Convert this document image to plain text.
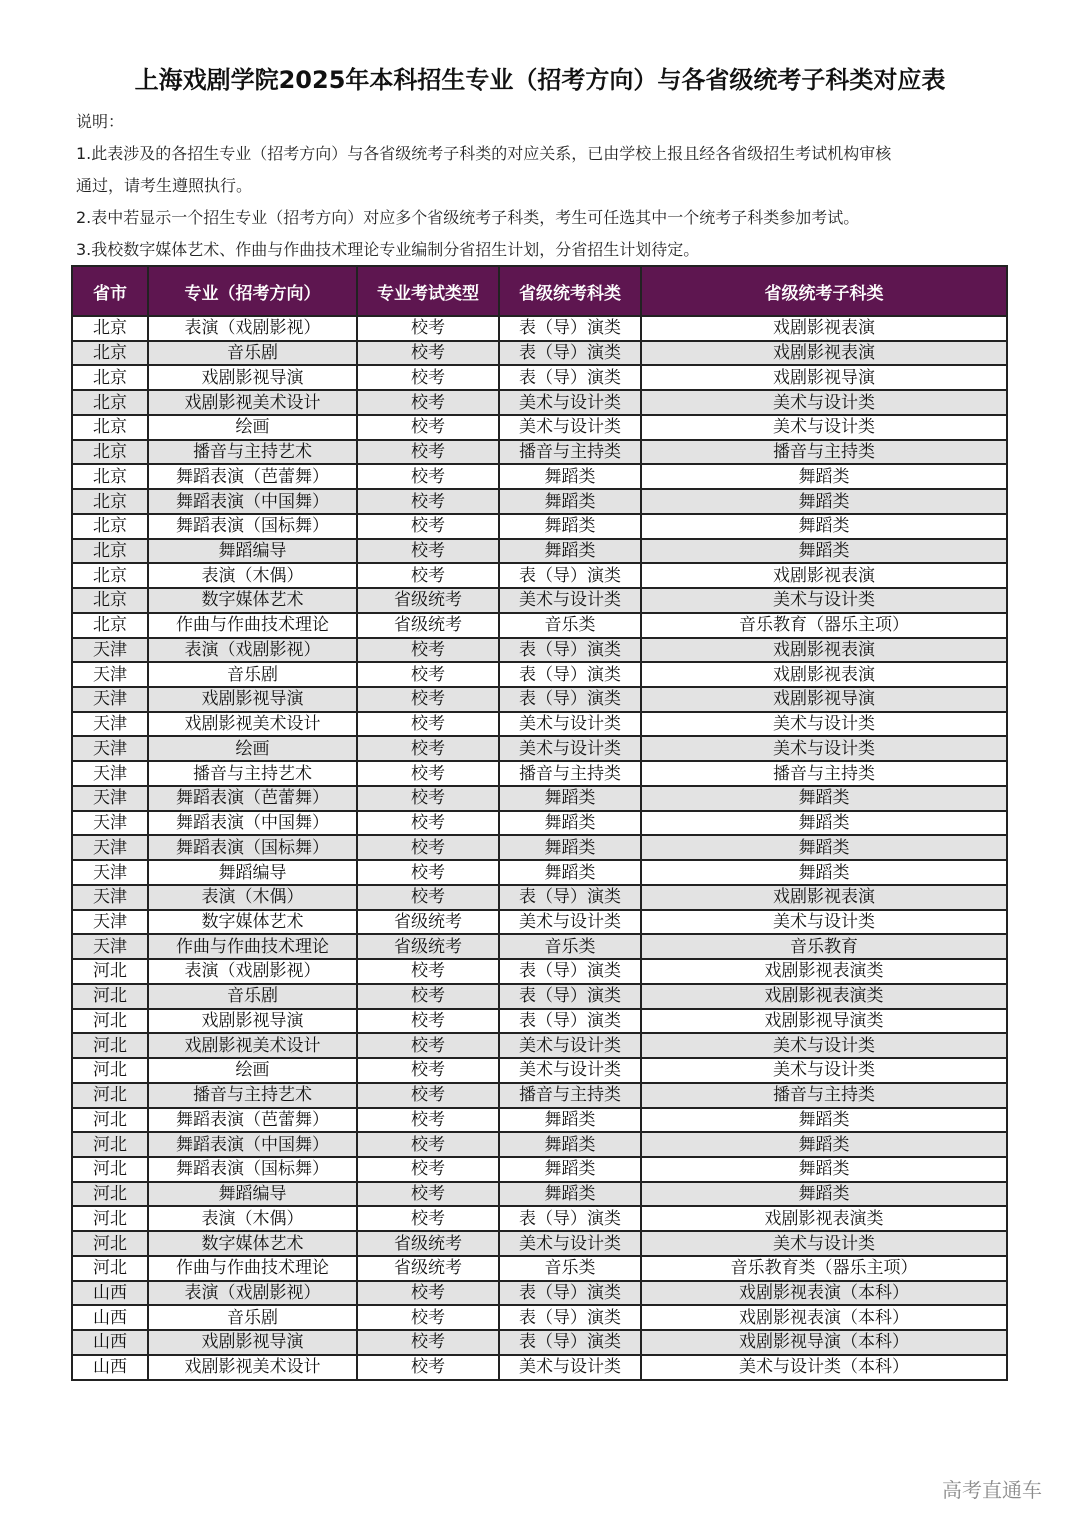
上海戏剧学院2025年本科招生专业（招考方向）与各省级统考子科类对应表
说明：
1.此表涉及的各招生专业（招考方向）与各省级统考子科类的对应关系，已由学校上报且经各省级招生考试机构审核
通过，请考生遵照执行。
2.表中若显示一个招生专业（招考方向）对应多个省级统考子科类，考生可任选其中一个统考子科类参加考试。
3.我校数字媒体艺术、作曲与作曲技术理论专业编制分省招生计划，分省招生计划待定。
省市	专业（招考方向）	专业考试类型	省级统考科类	省级统考子科类
北京	表演（戏剧影视）	校考	表（导）演类	戏剧影视表演
北京	音乐剧	校考	表（导）演类	戏剧影视表演
北京	戏剧影视导演	校考	表（导）演类	戏剧影视导演
北京	戏剧影视美术设计	校考	美术与设计类	美术与设计类
北京	绘画	校考	美术与设计类	美术与设计类
北京	播音与主持艺术	校考	播音与主持类	播音与主持类
北京	舞蹈表演（芭蕾舞）	校考	舞蹈类	舞蹈类
北京	舞蹈表演（中国舞）	校考	舞蹈类	舞蹈类
北京	舞蹈表演（国标舞）	校考	舞蹈类	舞蹈类
北京	舞蹈编导	校考	舞蹈类	舞蹈类
北京	表演（木偶）	校考	表（导）演类	戏剧影视表演
北京	数字媒体艺术	省级统考	美术与设计类	美术与设计类
北京	作曲与作曲技术理论	省级统考	音乐类	音乐教育（器乐主项）
天津	表演（戏剧影视）	校考	表（导）演类	戏剧影视表演
天津	音乐剧	校考	表（导）演类	戏剧影视表演
天津	戏剧影视导演	校考	表（导）演类	戏剧影视导演
天津	戏剧影视美术设计	校考	美术与设计类	美术与设计类
天津	绘画	校考	美术与设计类	美术与设计类
天津	播音与主持艺术	校考	播音与主持类	播音与主持类
天津	舞蹈表演（芭蕾舞）	校考	舞蹈类	舞蹈类
天津	舞蹈表演（中国舞）	校考	舞蹈类	舞蹈类
天津	舞蹈表演（国标舞）	校考	舞蹈类	舞蹈类
天津	舞蹈编导	校考	舞蹈类	舞蹈类
天津	表演（木偶）	校考	表（导）演类	戏剧影视表演
天津	数字媒体艺术	省级统考	美术与设计类	美术与设计类
天津	作曲与作曲技术理论	省级统考	音乐类	音乐教育
河北	表演（戏剧影视）	校考	表（导）演类	戏剧影视表演类
河北	音乐剧	校考	表（导）演类	戏剧影视表演类
河北	戏剧影视导演	校考	表（导）演类	戏剧影视导演类
河北	戏剧影视美术设计	校考	美术与设计类	美术与设计类
河北	绘画	校考	美术与设计类	美术与设计类
河北	播音与主持艺术	校考	播音与主持类	播音与主持类
河北	舞蹈表演（芭蕾舞）	校考	舞蹈类	舞蹈类
河北	舞蹈表演（中国舞）	校考	舞蹈类	舞蹈类
河北	舞蹈表演（国标舞）	校考	舞蹈类	舞蹈类
河北	舞蹈编导	校考	舞蹈类	舞蹈类
河北	表演（木偶）	校考	表（导）演类	戏剧影视表演类
河北	数字媒体艺术	省级统考	美术与设计类	美术与设计类
河北	作曲与作曲技术理论	省级统考	音乐类	音乐教育类（器乐主项）
山西	表演（戏剧影视）	校考	表（导）演类	戏剧影视表演（本科）
山西	音乐剧	校考	表（导）演类	戏剧影视表演（本科）
山西	戏剧影视导演	校考	表（导）演类	戏剧影视导演（本科）
山西	戏剧影视美术设计	校考	美术与设计类	美术与设计类（本科）
高考直通车
